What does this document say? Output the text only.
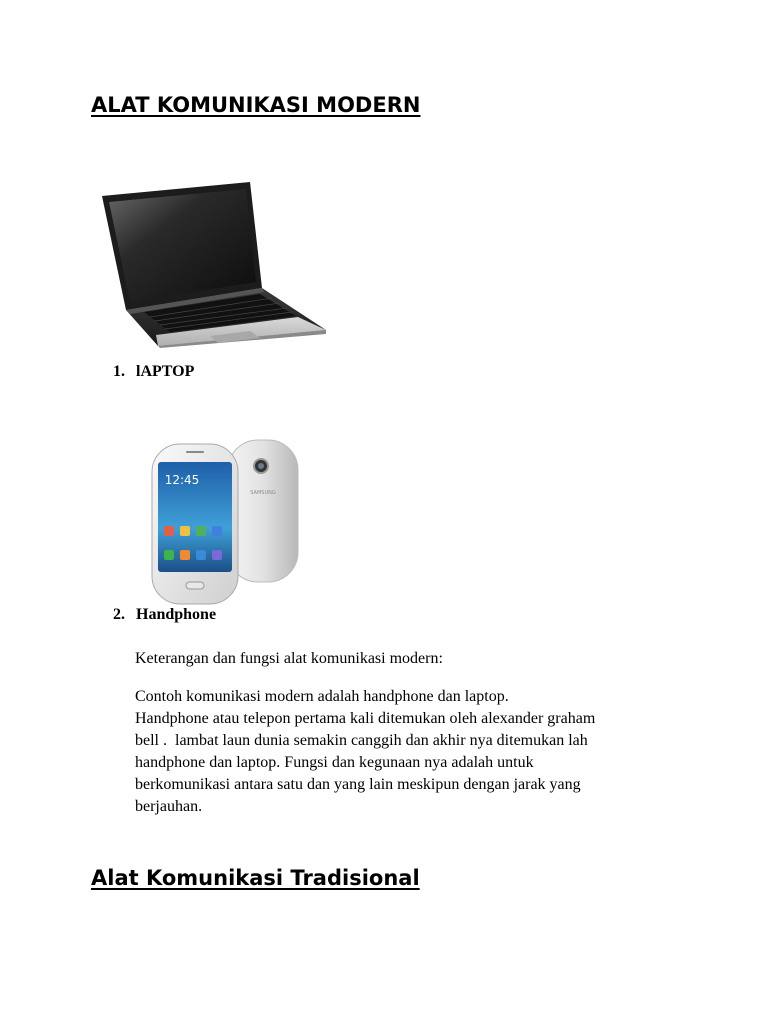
ALAT KOMUNIKASI MODERN
1. lAPTOP
SAMSUNG
12:45
2. Handphone

Keterangan dan fungsi alat komunikasi modern:

Contoh komunikasi modern adalah handphone dan laptop.
Handphone atau telepon pertama kali ditemukan oleh alexander graham
bell .  lambat laun dunia semakin canggih dan akhir nya ditemukan lah
handphone dan laptop. Fungsi dan kegunaan nya adalah untuk
berkomunikasi antara satu dan yang lain meskipun dengan jarak yang
berjauhan.
Alat Komunikasi Tradisional
